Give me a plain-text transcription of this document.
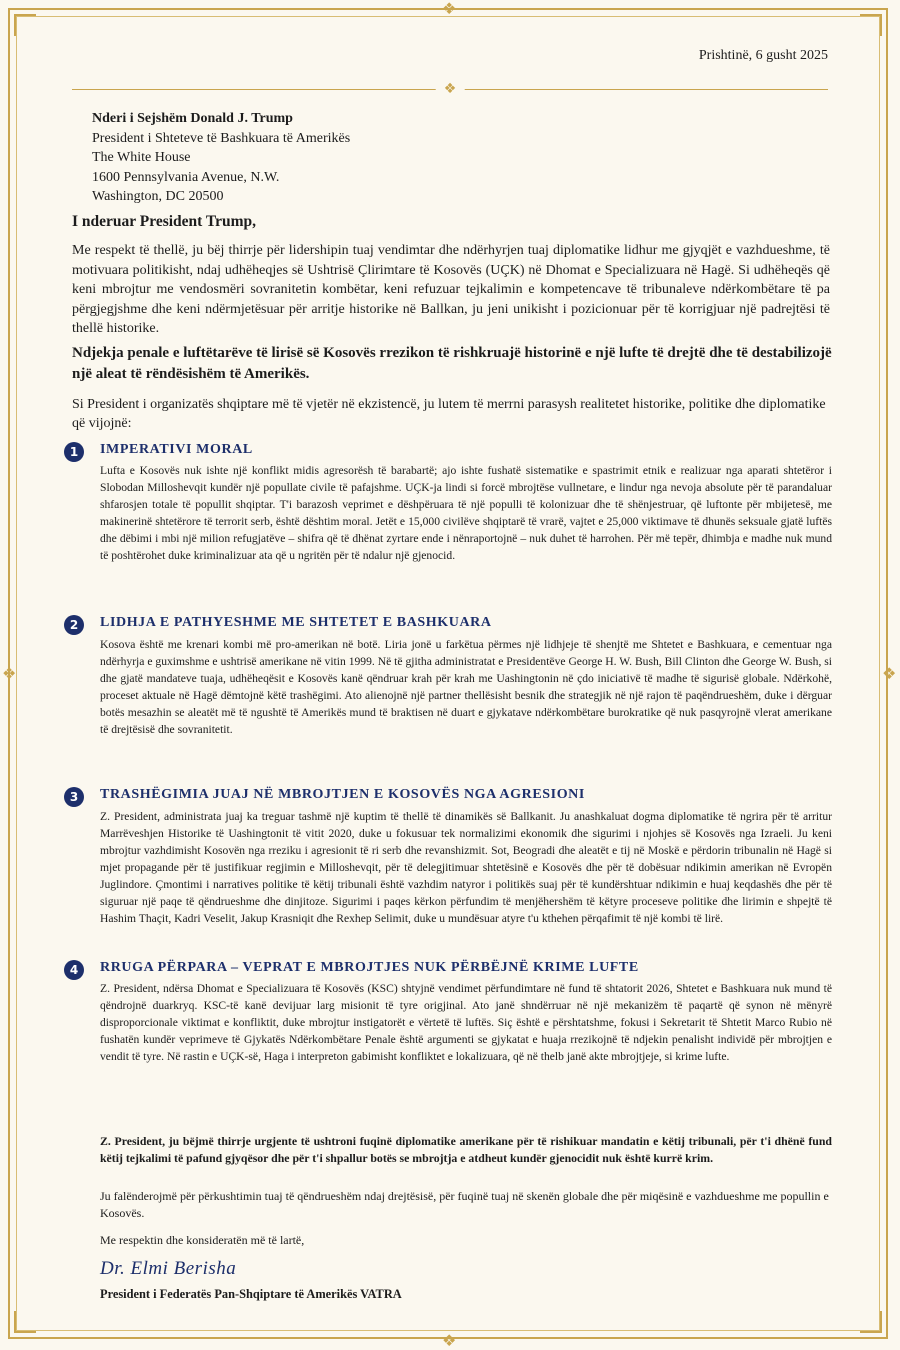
❖
❖
❖	❖
Prishtinë, 6 gusht 2025
❖
Nderi i Sejshëm Donald J. Trump
President i Shteteve të Bashkuara të Amerikës
The White House
1600 Pennsylvania Avenue, N.W.
Washington, DC 20500
I nderuar President Trump,
Me respekt të thellë, ju bëj thirrje për lidershipin tuaj vendimtar dhe ndërhyrjen tuaj diplomatike lidhur me gjyqjët e vazhdueshme, të motivuara politikisht, ndaj udhëheqjes së Ushtrisë Çlirimtare të Kosovës (UÇK) në Dhomat e Specializuara në Hagë. Si udhëheqës që keni mbrojtur me vendosmëri sovranitetin kombëtar, keni refuzuar tejkalimin e kompetencave të tribunaleve ndërkombëtare të pa përgjegjshme dhe keni ndërmjetësuar për arritje historike në Ballkan, ju jeni unikisht i pozicionuar për të korrigjuar një padrejtësi të thellë historike.
Ndjekja penale e luftëtarëve të lirisë së Kosovës rrezikon të rishkruajë historinë e një lufte të drejtë dhe të destabilizojë një aleat të rëndësishëm të Amerikës.
Si President i organizatës shqiptare më të vjetër në ekzistencë, ju lutem të merrni parasysh realitetet historike, politike dhe diplomatike që vijojnë:
1	IMPERATIVI MORAL
Lufta e Kosovës nuk ishte një konflikt midis agresorësh të barabartë; ajo ishte fushatë sistematike e spastrimit etnik e realizuar nga aparati shtetëror i Slobodan Milloshevqit kundër një popullate civile të pafajshme. UÇK-ja lindi si forcë mbrojtëse vullnetare, e lindur nga nevoja absolute për të parandaluar shfarosjen totale të popullit shqiptar. T'i barazosh veprimet e dëshpëruara të një populli të kolonizuar dhe të shënjestruar, që luftonte për mbijetesë, me makinerinë shtetërore të terrorit serb, është dështim moral. Jetët e 15,000 civilëve shqiptarë të vrarë, vajtet e 25,000 viktimave të dhunës seksuale gjatë luftës dhe dëbimi i mbi një milion refugjatëve – shifra që të dhënat zyrtare ende i nënraportojnë – nuk duhet të harrohen. Për më tepër, dhimbja e madhe nuk mund të poshtërohet duke kriminalizuar ata që u ngritën për të ndalur një gjenocid.
2	LIDHJA E PATHYESHME ME SHTETET E BASHKUARA
Kosova është me krenari kombi më pro-amerikan në botë. Liria jonë u farkëtua përmes një lidhjeje të shenjtë me Shtetet e Bashkuara, e cementuar nga ndërhyrja e guximshme e ushtrisë amerikane në vitin 1999. Në të gjitha administratat e Presidentëve George H. W. Bush, Bill Clinton dhe George W. Bush, si dhe gjatë mandateve tuaja, udhëheqësit e Kosovës kanë qëndruar krah për krah me Uashingtonin në çdo iniciativë të madhe të sigurisë globale. Ndërkohë, proceset aktuale në Hagë dëmtojnë këtë trashëgimi. Ato alienojnë një partner thellësisht besnik dhe strategjik në një rajon të paqëndrueshëm, duke i dërguar botës mesazhin se aleatët më të ngushtë të Amerikës mund të braktisen në duart e gjykatave ndërkombëtare burokratike që nuk pasqyrojnë vlerat amerikane të drejtësisë dhe sovranitetit.
3	TRASHËGIMIA JUAJ NË MBROJTJEN E KOSOVËS NGA AGRESIONI
Z. President, administrata juaj ka treguar tashmë një kuptim të thellë të dinamikës së Ballkanit. Ju anashkaluat dogma diplomatike të ngrira për të arritur Marrëveshjen Historike të Uashingtonit të vitit 2020, duke u fokusuar tek normalizimi ekonomik dhe sigurimi i njohjes së Kosovës nga Izraeli. Ju keni mbrojtur vazhdimisht Kosovën nga rreziku i agresionit të ri serb dhe revanshizmit. Sot, Beogradi dhe aleatët e tij në Moskë e përdorin tribunalin në Hagë si mjet propagande për të justifikuar regjimin e Milloshevqit, për të delegjitimuar shtetësinë e Kosovës dhe për të dobësuar ndikimin amerikan në Evropën Juglindore. Çmontimi i narratives politike të këtij tribunali është vazhdim natyror i politikës suaj për të kundërshtuar ndikimin e huaj keqdashës dhe për të siguruar një paqe të qëndrueshme dhe dinjitoze. Sigurimi i paqes kërkon përfundim të menjëhershëm të këtyre proceseve politike dhe lirimin e shpejtë të Hashim Thaçit, Kadri Veselit, Jakup Krasniqit dhe Rexhep Selimit, duke u mundësuar atyre t'u kthehen përqafimit të një kombi të lirë.
4	RRUGA PËRPARA – VEPRAT E MBROJTJES NUK PËRBËJNË KRIME LUFTE
Z. President, ndërsa Dhomat e Specializuara të Kosovës (KSC) shtyjnë vendimet përfundimtare në fund të shtatorit 2026, Shtetet e Bashkuara nuk mund të qëndrojnë duarkryq. KSC-të kanë devijuar larg misionit të tyre origjinal. Ato janë shndërruar në një mekanizëm të paqartë që synon në mënyrë disproporcionale viktimat e konfliktit, duke mbrojtur instigatorët e vërtetë të luftës. Siç është e përshtatshme, fokusi i Sekretarit të Shtetit Marco Rubio në fushatën kundër veprimeve të Gjykatës Ndërkombëtare Penale është argumenti se gjykatat e huaja rrezikojnë të ndjekin penalisht individë për mbrojtjen e vendit të tyre. Në rastin e UÇK-së, Haga i interpreton gabimisht konfliktet e lokalizuara, që në thelb janë akte mbrojtjeje, si krime lufte.
Z. President, ju bëjmë thirrje urgjente të ushtroni fuqinë diplomatike amerikane për të rishikuar mandatin e këtij tribunali, për t'i dhënë fund këtij tejkalimi të pafund gjyqësor dhe për t'i shpallur botës se mbrojtja e atdheut kundër gjenocidit nuk është kurrë krim.
Ju falënderojmë për përkushtimin tuaj të qëndrueshëm ndaj drejtësisë, për fuqinë tuaj në skenën globale dhe për miqësinë e vazhdueshme me popullin e Kosovës.
Me respektin dhe konsideratën më të lartë,
Dr. Elmi Berisha
President i Federatës Pan-Shqiptare të Amerikës VATRA
